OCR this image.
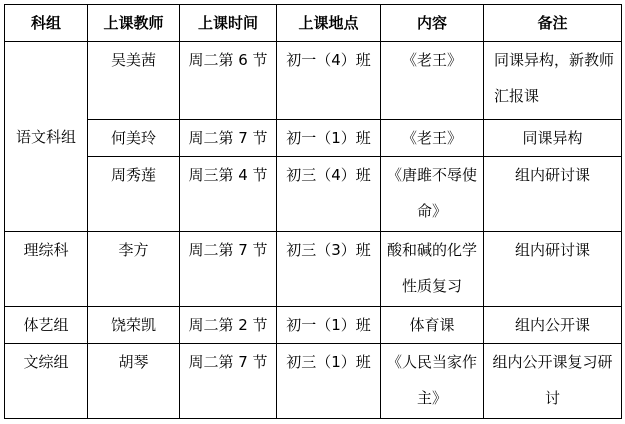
科组	上课教师	上课时间	上课地点	内容	备注
语文科组	吴美茜	周二第 6 节	初一（4）班	《老王》	同课异构，新教师汇报课
	何美玲	周二第 7 节	初一（1）班	《老王》	同课异构
	周秀莲	周三第 4 节	初三（4）班	《唐雎不辱使命》	组内研讨课
理综科	李方	周二第 7 节	初三（3）班	酸和碱的化学性质复习	组内研讨课
体艺组	饶荣凯	周二第 2 节	初一（1）班	体育课	组内公开课
文综组	胡琴	周二第 7 节	初三（1）班	《人民当家作主》	组内公开课复习研讨
